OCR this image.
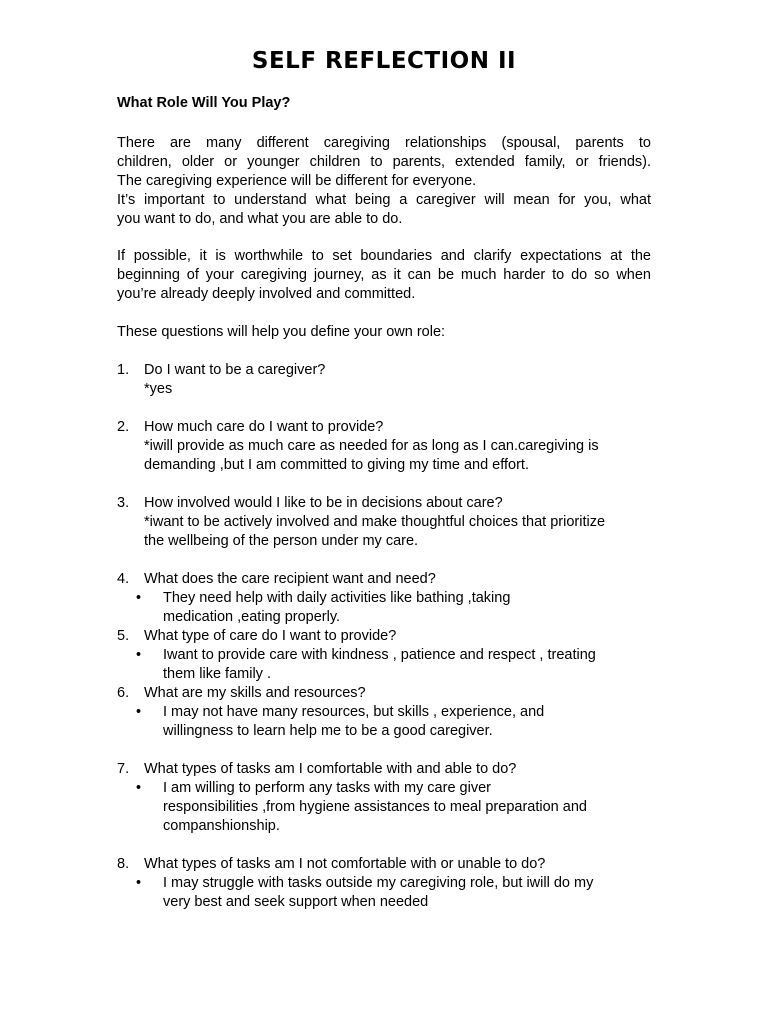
SELF REFLECTION II
What Role Will You Play?

There are many different caregiving relationships (spousal, parents to
children, older or younger children to parents, extended family, or friends).
The caregiving experience will be different for everyone.
It’s important to understand what being a caregiver will mean for you, what
you want to do, and what you are able to do.

If possible, it is worthwhile to set boundaries and clarify expectations at the
beginning of your caregiving journey, as it can be much harder to do so when
you’re already deeply involved and committed.

These questions will help you define your own role:

1. Do I want to be a caregiver?
*yes
2. How much care do I want to provide?
*iwill provide as much care as needed for as long as I can.caregiving is
demanding ,but I am committed to giving my time and effort.
3. How involved would I like to be in decisions about care?
*iwant to be actively involved and make thoughtful choices that prioritize
the wellbeing of the person under my care.
4. What does the care recipient want and need?
• They need help with daily activities like bathing ,taking
medication ,eating properly.
5. What type of care do I want to provide?
• Iwant to provide care with kindness , patience and respect , treating
them like family .
6. What are my skills and resources?
• I may not have many resources, but skills , experience, and
willingness to learn help me to be a good caregiver.
7. What types of tasks am I comfortable with and able to do?
• I am willing to perform any tasks with my care giver
responsibilities ,from hygiene assistances to meal preparation and
companshionship.
8. What types of tasks am I not comfortable with or unable to do?
• I may struggle with tasks outside my caregiving role, but iwill do my
very best and seek support when needed
